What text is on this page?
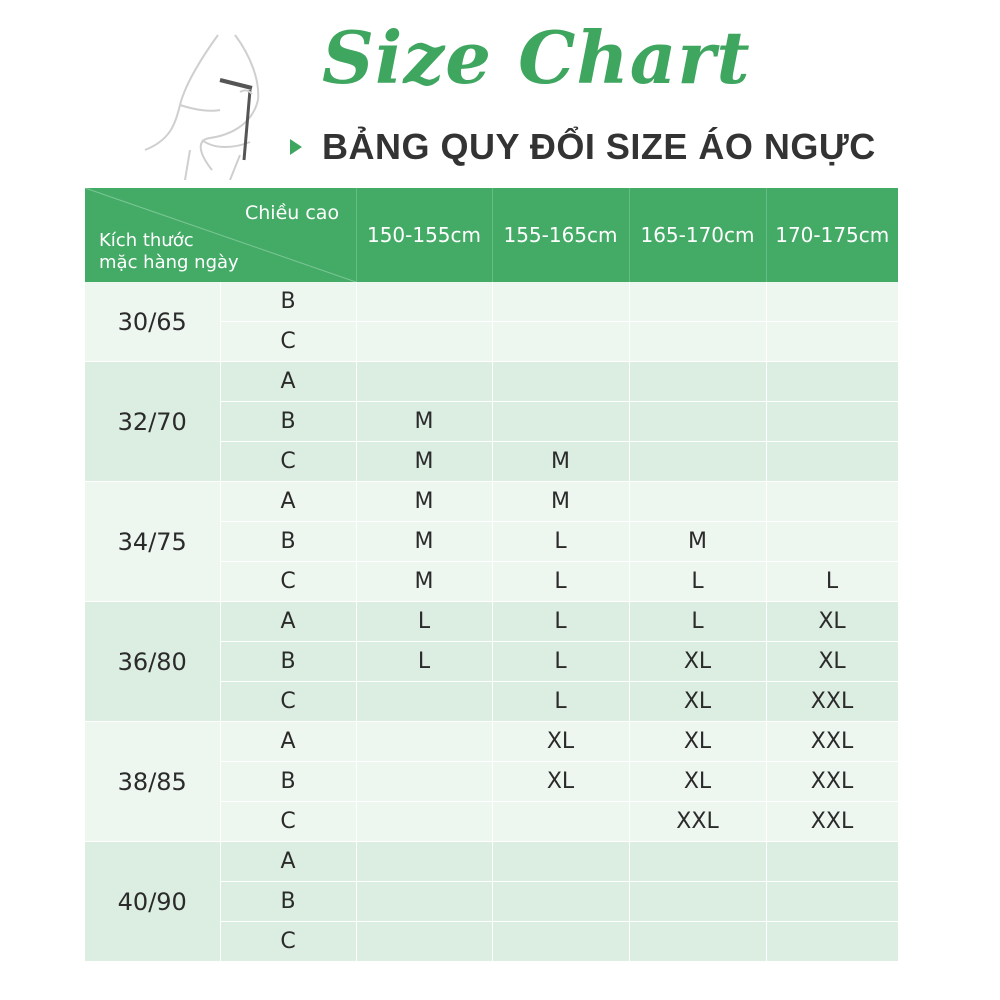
Size Chart
BẢNG QUY ĐỔI SIZE ÁO NGỰC
Chiều cao
Kích thước
mặc hàng ngày		150-155cm	155-165cm	165-170cm	170-175cm
30/65	B				
	C				
32/70	A				
	B	M			
	C	M	M		
34/75	A	M	M		
	B	M	L	M	
	C	M	L	L	L
36/80	A	L	L	L	XL
	B	L	L	XL	XL
	C		L	XL	XXL
38/85	A		XL	XL	XXL
	B		XL	XL	XXL
	C			XXL	XXL
40/90	A				
	B				
	C				
